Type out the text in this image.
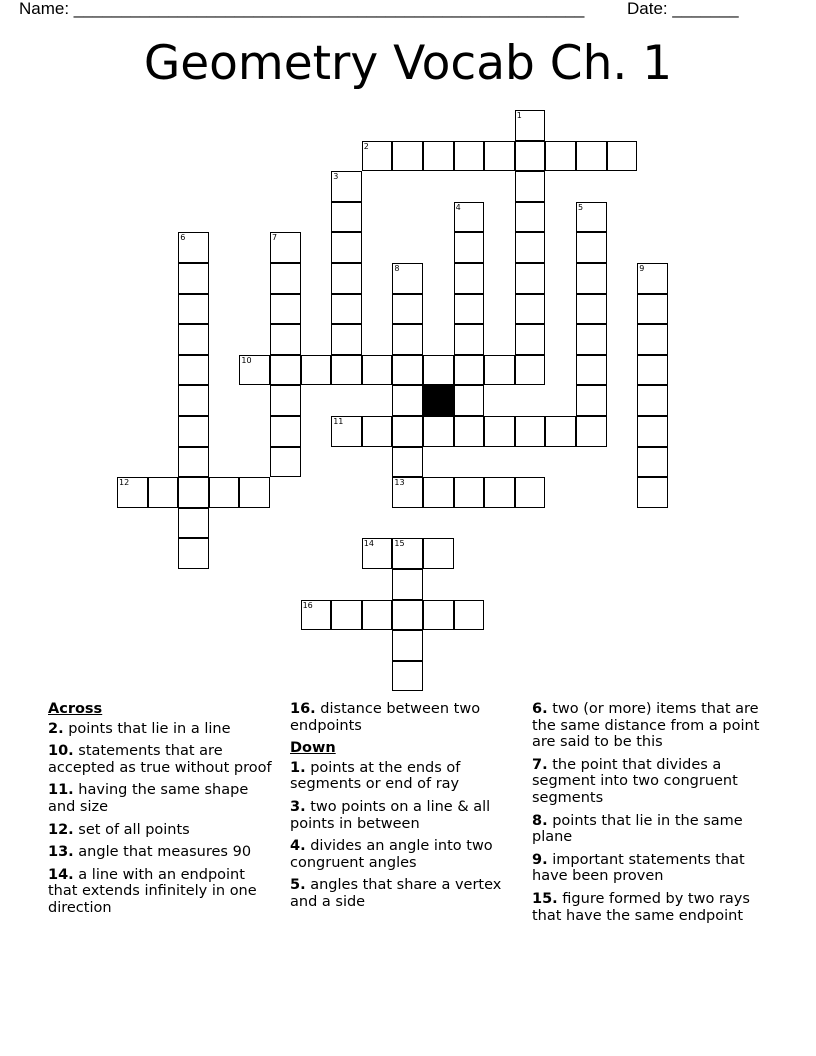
Name: ______________________________________________________	Date: _______
Geometry Vocab Ch. 1
1
2
3
4	5
6	7
8	9
10
11
12	13
14	15
16
Across
2. points that lie in a line
10. statements that are accepted as true without proof
11. having the same shape and size
12. set of all points
13. angle that measures 90
14. a line with an endpoint that extends infinitely in one direction
16. distance between two endpoints
Down
1. points at the ends of segments or end of ray
3. two points on a line & all points in between
4. divides an angle into two congruent angles
5. angles that share a vertex and a side
6. two (or more) items that are the same distance from a point are said to be this
7. the point that divides a segment into two congruent segments
8. points that lie in the same plane
9. important statements that have been proven
15. figure formed by two rays that have the same endpoint
